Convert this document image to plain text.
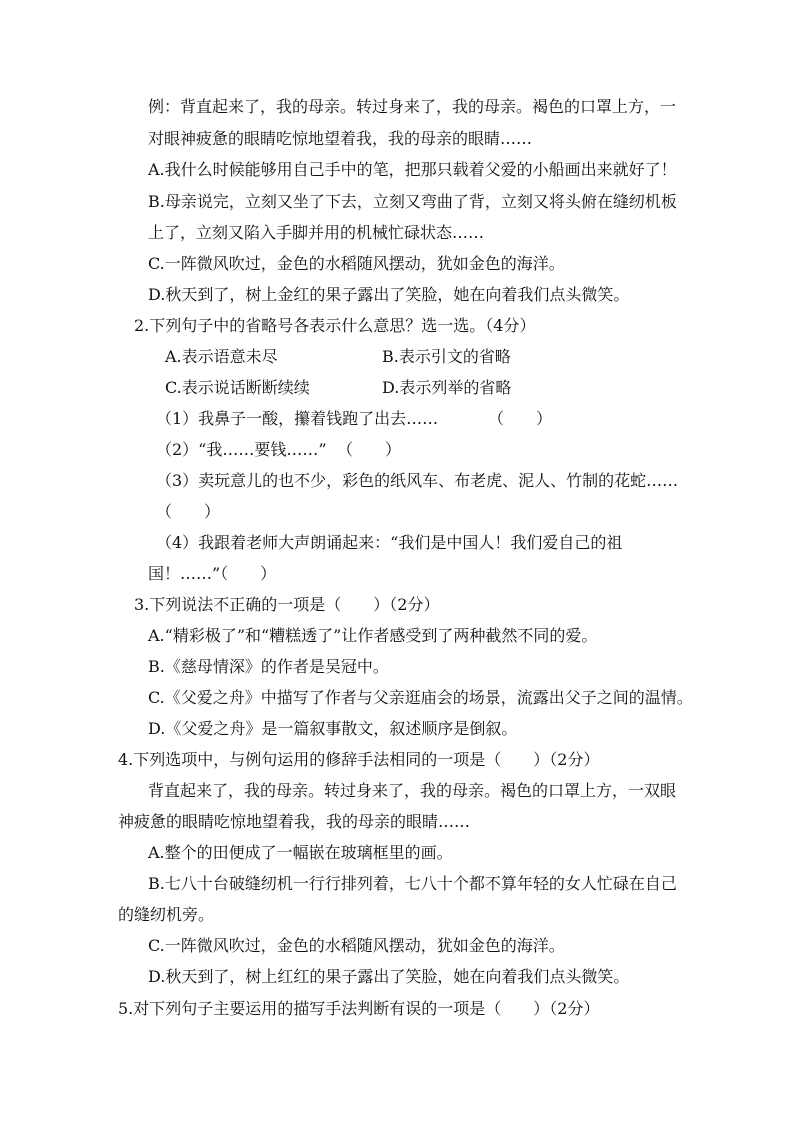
例：背直起来了，我的母亲。转过身来了，我的母亲。褐色的口罩上方，一
对眼神疲惫的眼睛吃惊地望着我，我的母亲的眼睛……
A.我什么时候能够用自己手中的笔，把那只载着父爱的小船画出来就好了！
B.母亲说完，立刻又坐了下去，立刻又弯曲了背，立刻又将头俯在缝纫机板
上了，立刻又陷入手脚并用的机械忙碌状态……
C.一阵微风吹过，金色的水稻随风摆动，犹如金色的海洋。
D.秋天到了，树上金红的果子露出了笑脸，她在向着我们点头微笑。
2.下列句子中的省略号各表示什么意思？选一选。（4分）
A.表示语意未尽	B.表示引文的省略
C.表示说话断断续续	D.表示列举的省略
（1）我鼻子一酸，攥着钱跑了出去……	（　　）
（2）“我……要钱……” （　　）
（3）卖玩意儿的也不少，彩色的纸风车、布老虎、泥人、竹制的花蛇……
（　　）
（4）我跟着老师大声朗诵起来：“我们是中国人！我们爱自己的祖
国！……”（　　）
3.下列说法不正确的一项是（　　）（2分）
A.“精彩极了”和“糟糕透了”让作者感受到了两种截然不同的爱。
B.《慈母情深》的作者是吴冠中。
C.《父爱之舟》中描写了作者与父亲逛庙会的场景，流露出父子之间的温情。
D.《父爱之舟》是一篇叙事散文，叙述顺序是倒叙。
4.下列选项中，与例句运用的修辞手法相同的一项是（　　）（2分）
背直起来了，我的母亲。转过身来了，我的母亲。褐色的口罩上方，一双眼
神疲惫的眼睛吃惊地望着我，我的母亲的眼睛……
A.整个的田便成了一幅嵌在玻璃框里的画。
B.七八十台破缝纫机一行行排列着，七八十个都不算年轻的女人忙碌在自己
的缝纫机旁。
C.一阵微风吹过，金色的水稻随风摆动，犹如金色的海洋。
D.秋天到了，树上红红的果子露出了笑脸，她在向着我们点头微笑。
5.对下列句子主要运用的描写手法判断有误的一项是（　　）（2分）
